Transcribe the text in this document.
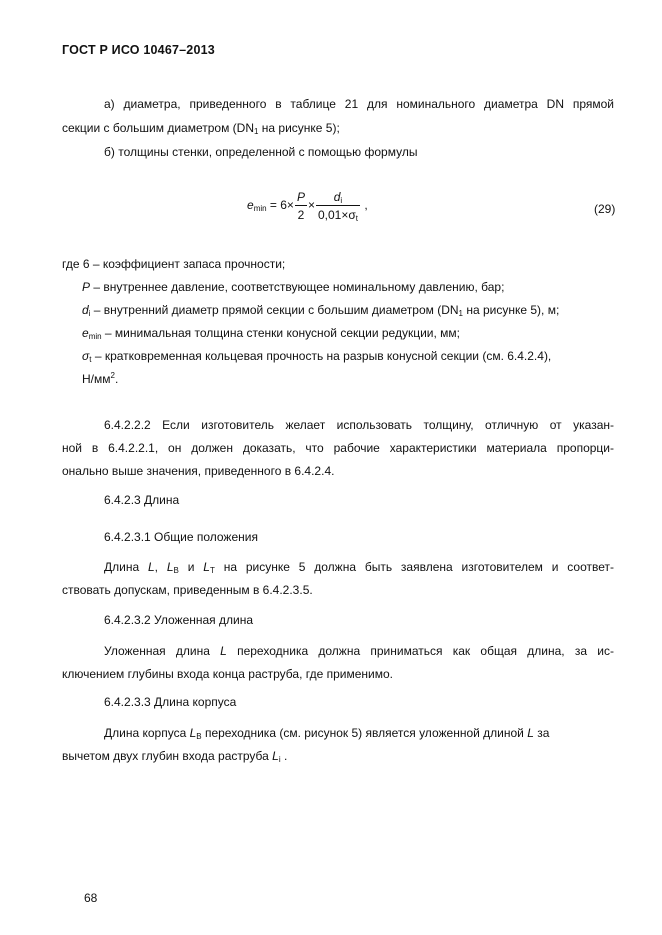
ГОСТ Р ИСО 10467–2013
а) диаметра, приведенного в таблице 21 для номинального диаметра DN прямой
секции с большим диаметром ($DN_1$ на рисунке 5);
б) толщины стенки, определенной с помощью формулы
$e_{min} = 6\times \frac{P}{2} \times \frac{d_i}{0,01\times\sigma_t}$ ,	(29)
где 6 – коэффициент запаса прочности;
P – внутреннее давление, соответствующее номинальному давлению, бар;
$d_i$ – внутренний диаметр прямой секции с большим диаметром ($DN_1$ на рисунке 5), м;
$e_{min}$ – минимальная толщина стенки конусной секции редукции, мм;
$\sigma_t$ – кратковременная кольцевая прочность на разрыв конусной секции (см. 6.4.2.4),
$Н/мм^2$.
6.4.2.2.2 Если изготовитель желает использовать толщину, отличную от указан-
ной в 6.4.2.2.1, он должен доказать, что рабочие характеристики материала пропорци-
онально выше значения, приведенного в 6.4.2.4.
6.4.2.3 Длина
6.4.2.3.1 Общие положения
Длина L, $L_B$ и $L_T$ на рисунке 5 должна быть заявлена изготовителем и соответ-
ствовать допускам, приведенным в 6.4.2.3.5.
6.4.2.3.2 Уложенная длина
Уложенная длина L переходника должна приниматься как общая длина, за ис-
ключением глубины входа конца раструба, где применимо.
6.4.2.3.3 Длина корпуса
Длина корпуса $L_B$ переходника (см. рисунок 5) является уложенной длиной L за
вычетом двух глубин входа раструба $L_i$ .
68
